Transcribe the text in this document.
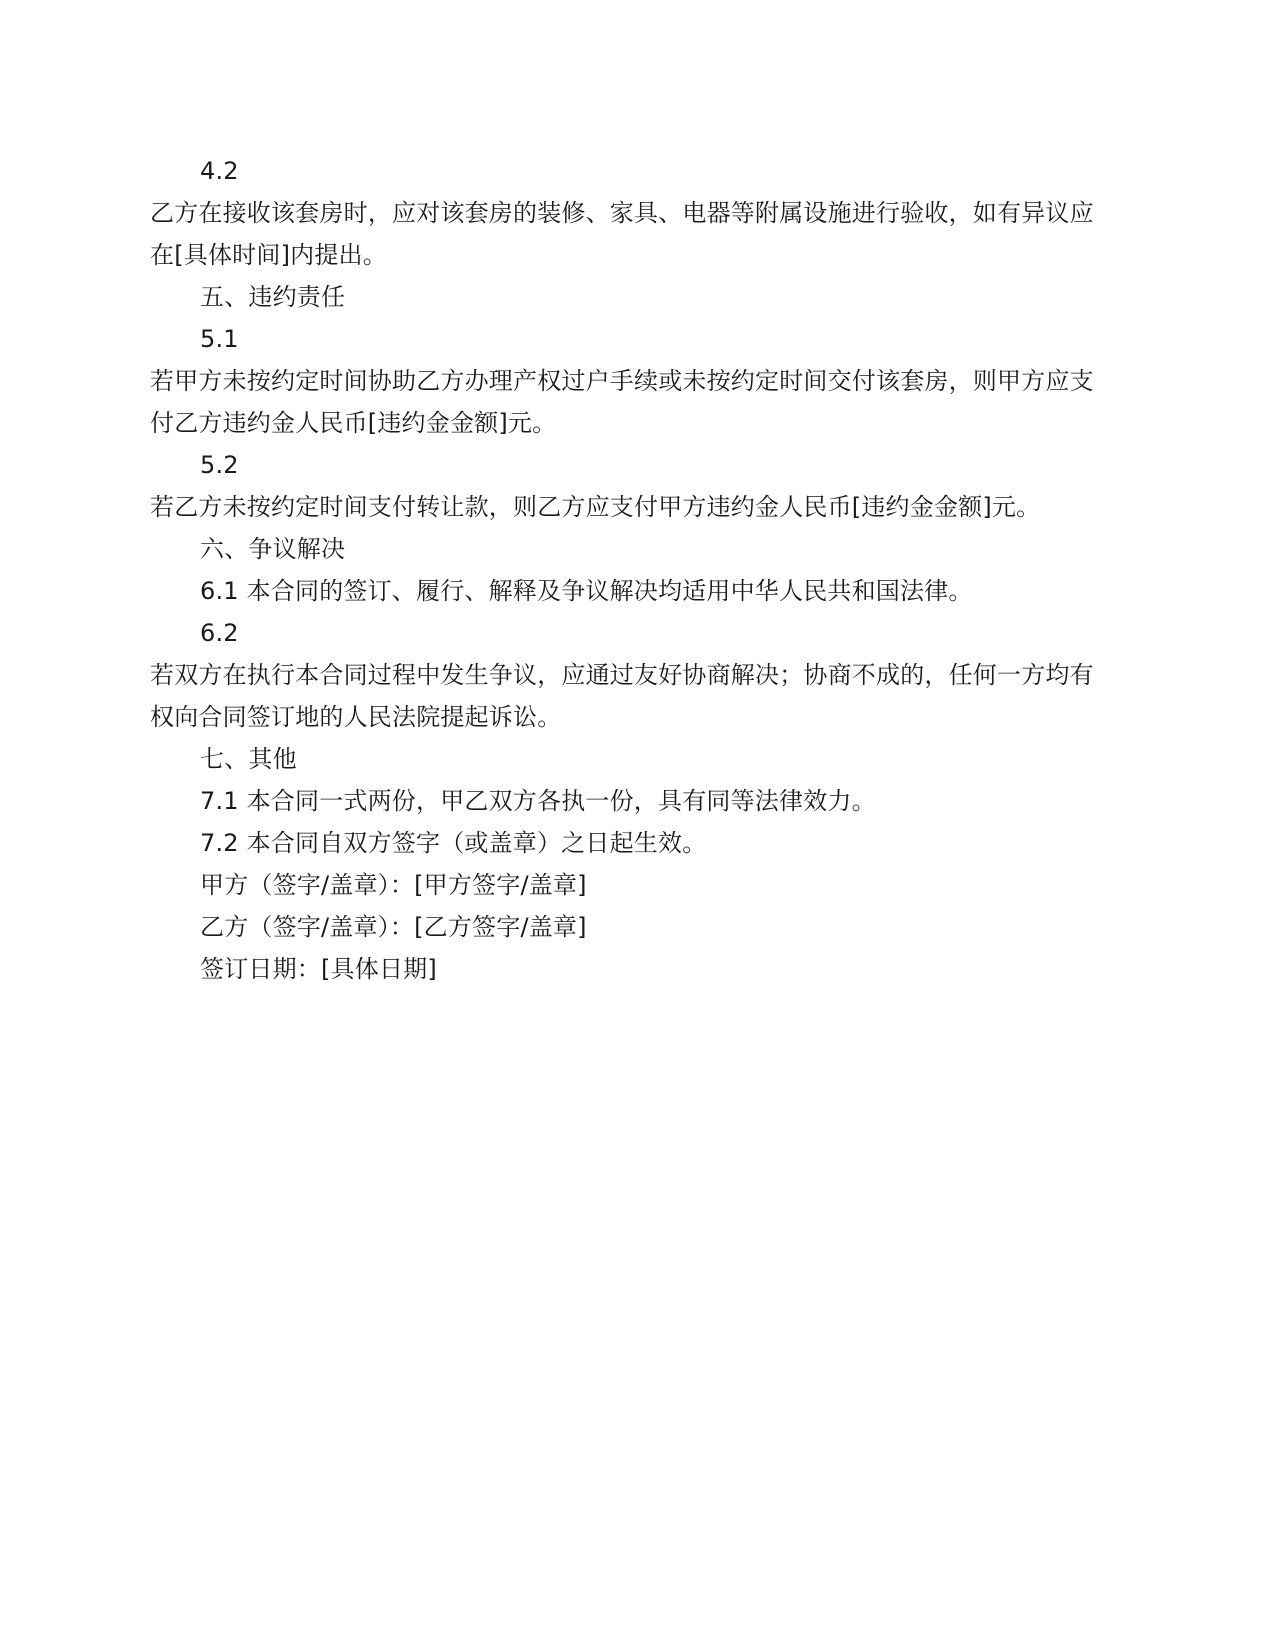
4.2
乙方在接收该套房时，应对该套房的装修、家具、电器等附属设施进行验收，如有异议应
在[具体时间]内提出。
五、违约责任
5.1
若甲方未按约定时间协助乙方办理产权过户手续或未按约定时间交付该套房，则甲方应支
付乙方违约金人民币[违约金金额]元。
5.2
若乙方未按约定时间支付转让款，则乙方应支付甲方违约金人民币[违约金金额]元。
六、争议解决
6.1 本合同的签订、履行、解释及争议解决均适用中华人民共和国法律。
6.2
若双方在执行本合同过程中发生争议，应通过友好协商解决；协商不成的，任何一方均有
权向合同签订地的人民法院提起诉讼。
七、其他
7.1 本合同一式两份，甲乙双方各执一份，具有同等法律效力。
7.2 本合同自双方签字（或盖章）之日起生效。
甲方（签字/盖章）：[甲方签字/盖章]
乙方（签字/盖章）：[乙方签字/盖章]
签订日期：[具体日期]
